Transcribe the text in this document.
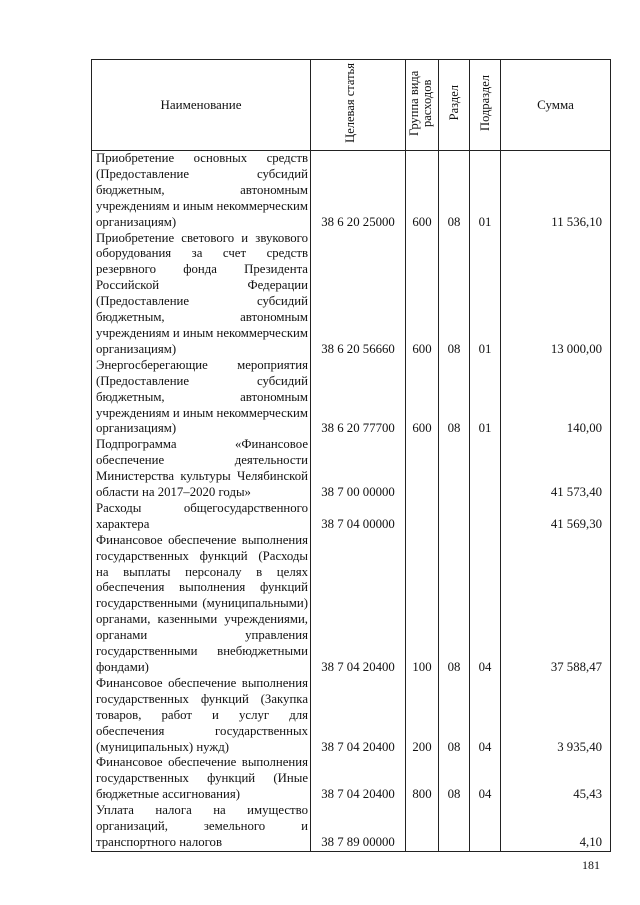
Наименование	Целевая статья	Группа вида расходов	Раздел	Подраздел	Сумма

Приобретение основных средств (Предоставление субсидий бюджетным, автономным учреждениям и иным некоммерческим организациям)	38 6 20 25000	600	08	01	11 536,10

Приобретение светового и звукового оборудования за счет средств резервного фонда Президента Российской Федерации (Предоставление субсидий бюджетным, автономным учреждениям и иным некоммерческим организациям)	38 6 20 56660	600	08	01	13 000,00

Энергосберегающие мероприятия (Предоставление субсидий бюджетным, автономным учреждениям и иным некоммерческим организациям)	38 6 20 77700	600	08	01	140,00

Подпрограмма «Финансовое обеспечение деятельности Министерства культуры Челябинской области на 2017–2020 годы»	38 7 00 00000				41 573,40

Расходы общегосударственного характера	38 7 04 00000				41 569,30

Финансовое обеспечение выполнения государственных функций (Расходы на выплаты персоналу в целях обеспечения выполнения функций государственными (муниципальными) органами, казенными учреждениями, органами управления государственными внебюджетными фондами)	38 7 04 20400	100	08	04	37 588,47

Финансовое обеспечение выполнения государственных функций (Закупка товаров, работ и услуг для обеспечения государственных (муниципальных) нужд)	38 7 04 20400	200	08	04	3 935,40

Финансовое обеспечение выполнения государственных функций (Иные бюджетные ассигнования)	38 7 04 20400	800	08	04	45,43

Уплата налога на имущество организаций, земельного и транспортного налогов	38 7 89 00000				4,10
181
